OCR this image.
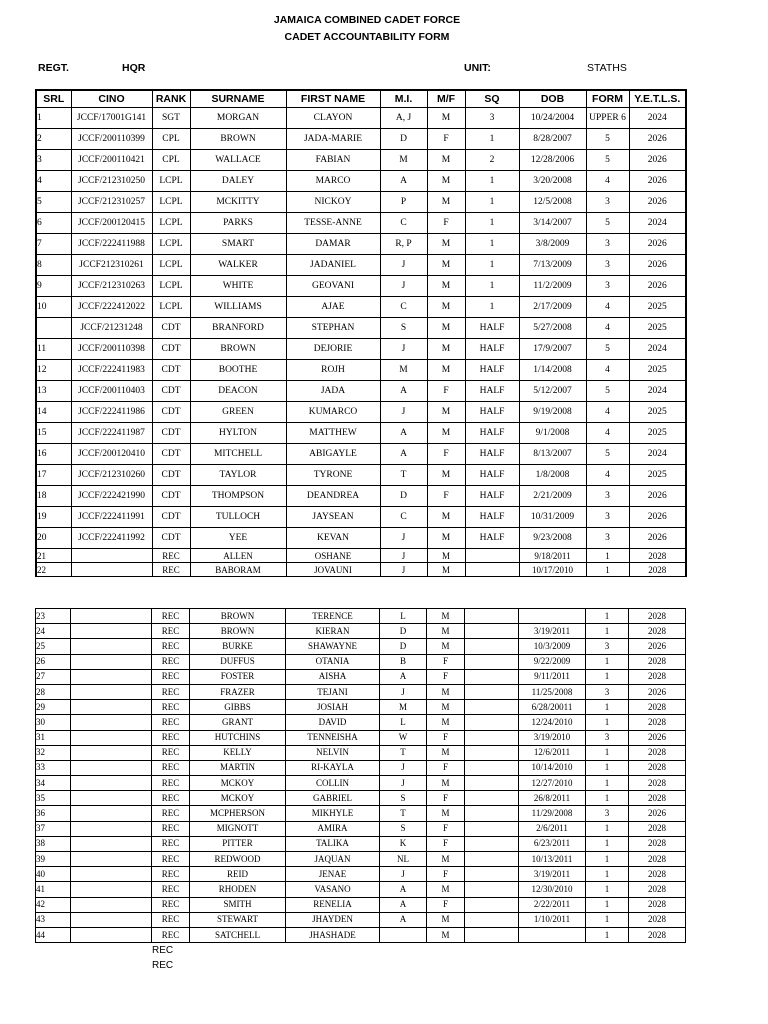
JAMAICA COMBINED CADET FORCE
CADET ACCOUNTABILITY FORM
REGT.	HQR	UNIT:	STATHS
SRL	CINO	RANK	SURNAME	FIRST NAME	M.I.	M/F	SQ	DOB	FORM	Y.E.T.L.S.
1	JCCF/17001G141	SGT	MORGAN	CLAYON	A, J	M	3	10/24/2004	UPPER 6	2024
2	JCCF/200110399	CPL	BROWN	JADA-MARIE	D	F	1	8/28/2007	5	2026
3	JCCF/200110421	CPL	WALLACE	FABIAN	M	M	2	12/28/2006	5	2026
4	JCCF/212310250	LCPL	DALEY	MARCO	A	M	1	3/20/2008	4	2026
5	JCCF/212310257	LCPL	MCKITTY	NICKOY	P	M	1	12/5/2008	3	2026
6	JCCF/200120415	LCPL	PARKS	TESSE-ANNE	C	F	1	3/14/2007	5	2024
7	JCCF/222411988	LCPL	SMART	DAMAR	R, P	M	1	3/8/2009	3	2026
8	JCCF212310261	LCPL	WALKER	JADANIEL	J	M	1	7/13/2009	3	2026
9	JCCF/212310263	LCPL	WHITE	GEOVANI	J	M	1	11/2/2009	3	2026
10	JCCF/222412022	LCPL	WILLIAMS	AJAE	C	M	1	2/17/2009	4	2025
	JCCF/21231248	CDT	BRANFORD	STEPHAN	S	M	HALF	5/27/2008	4	2025
11	JCCF/200110398	CDT	BROWN	DEJORIE	J	M	HALF	17/9/2007	5	2024
12	JCCF/222411983	CDT	BOOTHE	ROJH	M	M	HALF	1/14/2008	4	2025
13	JCCF/200110403	CDT	DEACON	JADA	A	F	HALF	5/12/2007	5	2024
14	JCCF/222411986	CDT	GREEN	KUMARCO	J	M	HALF	9/19/2008	4	2025
15	JCCF/222411987	CDT	HYLTON	MATTHEW	A	M	HALF	9/1/2008	4	2025
16	JCCF/200120410	CDT	MITCHELL	ABIGAYLE	A	F	HALF	8/13/2007	5	2024
17	JCCF/212310260	CDT	TAYLOR	TYRONE	T	M	HALF	1/8/2008	4	2025
18	JCCF/222421990	CDT	THOMPSON	DEANDREA	D	F	HALF	2/21/2009	3	2026
19	JCCF/222411991	CDT	TULLOCH	JAYSEAN	C	M	HALF	10/31/2009	3	2026
20	JCCF/222411992	CDT	YEE	KEVAN	J	M	HALF	9/23/2008	3	2026
21		REC	ALLEN	OSHANE	J	M		9/18/2011	1	2028
22		REC	BABORAM	JOVAUNI	J	M		10/17/2010	1	2028
23		REC	BROWN	TERENCE	L	M			1	2028
24		REC	BROWN	KIERAN	D	M		3/19/2011	1	2028
25		REC	BURKE	SHAWAYNE	D	M		10/3/2009	3	2026
26		REC	DUFFUS	OTANIA	B	F		9/22/2009	1	2028
27		REC	FOSTER	AISHA	A	F		9/11/2011	1	2028
28		REC	FRAZER	TEJANI	J	M		11/25/2008	3	2026
29		REC	GIBBS	JOSIAH	M	M		6/28/20011	1	2028
30		REC	GRANT	DAVID	L	M		12/24/2010	1	2028
31		REC	HUTCHINS	TENNEISHA	W	F		3/19/2010	3	2026
32		REC	KELLY	NELVIN	T	M		12/6/2011	1	2028
33		REC	MARTIN	RI-KAYLA	J	F		10/14/2010	1	2028
34		REC	MCKOY	COLLIN	J	M		12/27/2010	1	2028
35		REC	MCKOY	GABRIEL	S	F		26/8/2011	1	2028
36		REC	MCPHERSON	MIKHYLE	T	M		11/29/2008	3	2026
37		REC	MIGNOTT	AMIRA	S	F		2/6/2011	1	2028
38		REC	PITTER	TALIKA	K	F		6/23/2011	1	2028
39		REC	REDWOOD	JAQUAN	NL	M		10/13/2011	1	2028
40		REC	REID	JENAE	J	F		3/19/2011	1	2028
41		REC	RHODEN	VASANO	A	M		12/30/2010	1	2028
42		REC	SMITH	RENELIA	A	F		2/22/2011	1	2028
43		REC	STEWART	JHAYDEN	A	M		1/10/2011	1	2028
44		REC	SATCHELL	JHASHADE		M			1	2028
REC
REC
